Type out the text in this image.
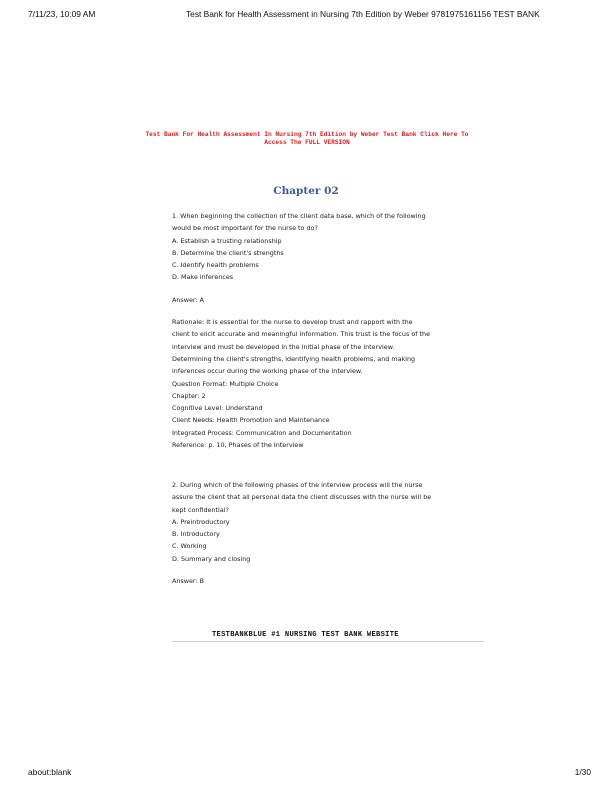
7/11/23, 10:09 AM	Test Bank for Health Assessment in Nursing 7th Edition by Weber 9781975161156 TEST BANK
Test Bank For Health Assessment In Nursing 7th Edition by Weber Test Bank Click Here To
Access The FULL VERSION
Chapter 02

1. When beginning the collection of the client data base, which of the following

would be most important for the nurse to do?

A. Establish a trusting relationship

B. Determine the client's strengths

C. Identify health problems

D. Make inferences

Answer: A

Rationale: It is essential for the nurse to develop trust and rapport with the

client to elicit accurate and meaningful information. This trust is the focus of the

interview and must be developed in the initial phase of the interview.

Determining the client's strengths, identifying health problems, and making

inferences occur during the working phase of the interview.

Question Format: Multiple Choice

Chapter: 2

Cognitive Level: Understand

Client Needs: Health Promotion and Maintenance

Integrated Process: Communication and Documentation

Reference: p. 10, Phases of the Interview

2. During which of the following phases of the interview process will the nurse

assure the client that all personal data the client discusses with the nurse will be

kept confidential?

A. Preintroductory

B. Introductory

C. Working

D. Summary and closing

Answer: B

TESTBANKBLUE #1 NURSING TEST BANK WEBSITE
about:blank	1/30
